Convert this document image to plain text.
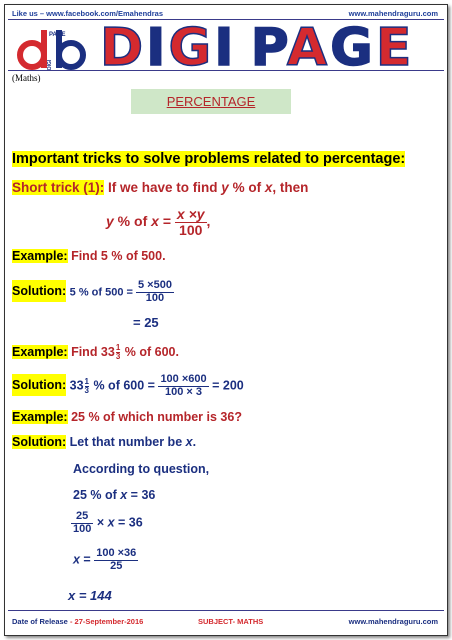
Like us – www.facebook.com/Emahendras	www.mahendraguru.com
PAGE
DIGI DIGI PAGE
(Maths)
PERCENTAGE
Important tricks to solve problems related to percentage:
Short trick (1): If we have to find y % of x, then
y % of $x = \frac{x \times y}{100}$ ,
Example: Find 5 % of 500.
Solution: 5 % of $500 = \frac{5 \times 500}{100}$
= 25
Example: Find $33 \frac{1}{3}$ % of 600.
Solution: $33 \frac{1}{3}$ % of $600 = \frac{100 \times 600}{100 \times 3} = 200$
Example: 25 % of which number is 36?
Solution: Let that number be x.
According to question,
25 % of x = 36
$\frac{25}{100} \times x = 36$
$x = \frac{100 \times 36}{25}$
x = 144
Date of Release - 27-September-2016	SUBJECT- MATHS	www.mahendraguru.com
